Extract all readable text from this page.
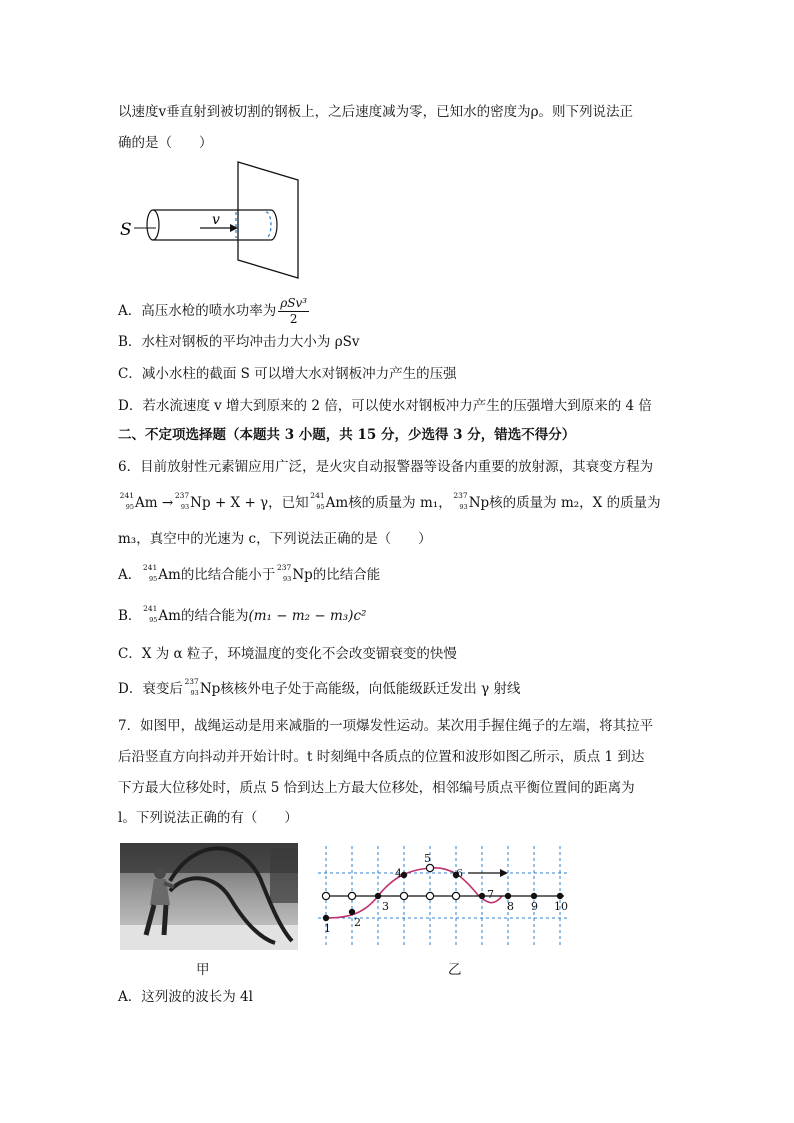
以速度v垂直射到被切割的钢板上，之后速度减为零，已知水的密度为ρ。则下列说法正
确的是（　　）
S	v
A．高压水枪的喷水功率为 $\frac{\text{ρSv³}}{2}$
B．水柱对钢板的平均冲击力大小为 ρSv
C．减小水柱的截面 S 可以增大水对钢板冲力产生的压强
D．若水流速度 v 增大到原来的 2 倍，可以使水对钢板冲力产生的压强增大到原来的 4 倍
二、不定项选择题（本题共 3 小题，共 15 分，少选得 3 分，错选不得分）
6．目前放射性元素镅应用广泛，是火灾自动报警器等设备内重要的放射源，其衰变方程为
241
95 Am → 237
93 Np + X + γ，已知 241
95 Am核的质量为 m₁， 237
93 Np核的质量为 m₂，X 的质量为
m₃，真空中的光速为 c，下列说法正确的是（　　）
A． 241
95 Am的比结合能小于 237
93 Np的比结合能
B． 241
95 Am的结合能为(m₁ − m₂ − m₃)c²
C．X 为 α 粒子，环境温度的变化不会改变镅衰变的快慢
D．衰变后 237
93 Np核核外电子处于高能级，向低能级跃迁发出 γ 射线
7．如图甲，战绳运动是用来减脂的一项爆发性运动。某次用手握住绳子的左端，将其拉平
后沿竖直方向抖动并开始计时。t 时刻绳中各质点的位置和波形如图乙所示，质点 1 到达
下方最大位移处时，质点 5 恰到达上方最大位移处，相邻编号质点平衡位置间的距离为
l。下列说法正确的有（　　）
甲
1 2
3
4
5
6
7
8 9 10
乙
A．这列波的波长为 4l
